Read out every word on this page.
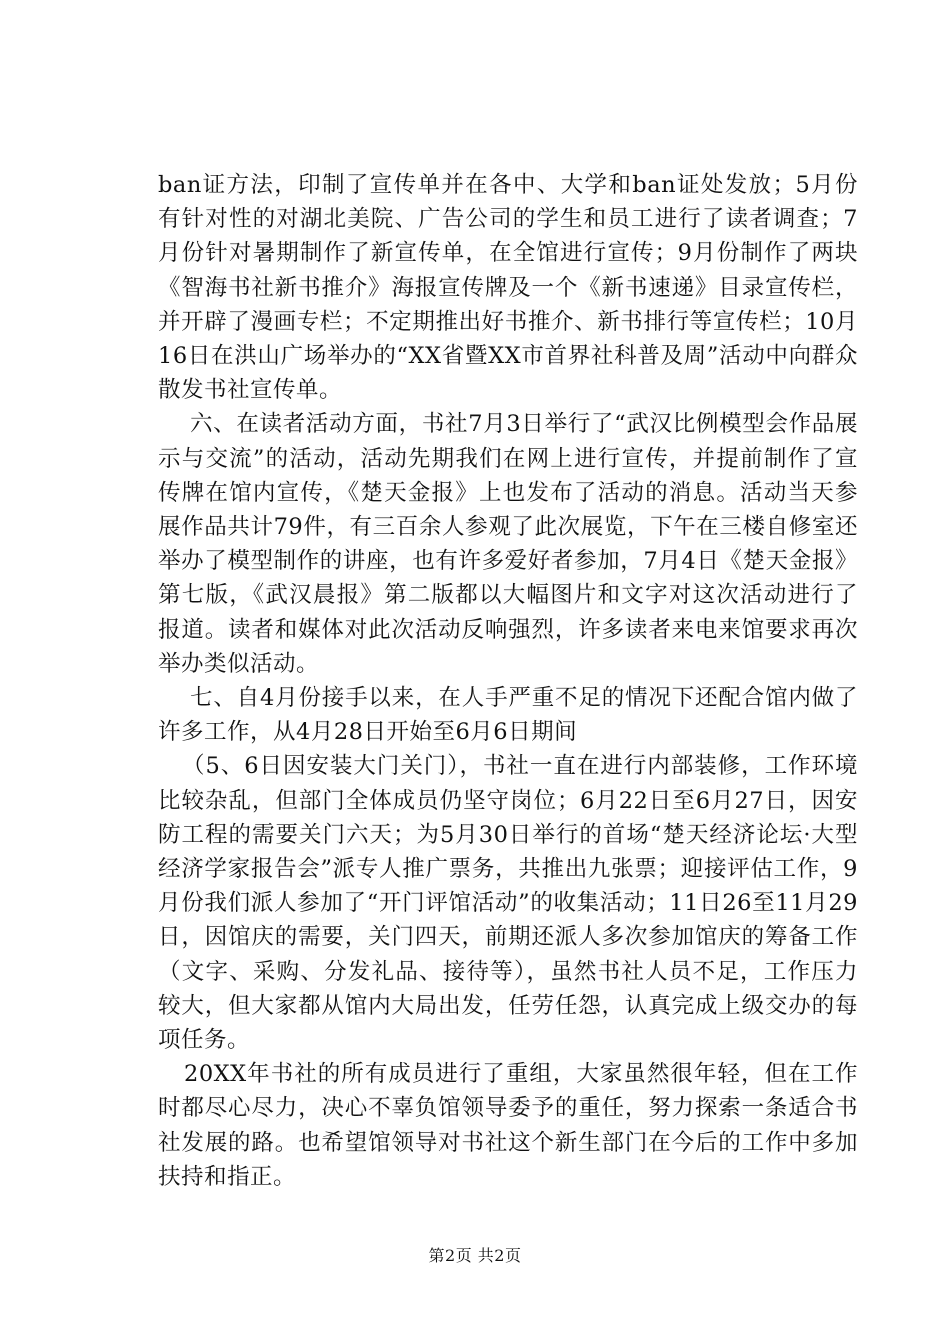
ban证方法，印制了宣传单并在各中、大学和ban证处发放；5月份有针对性的对湖北美院、广告公司的学生和员工进行了读者调查；7月份针对暑期制作了新宣传单，在全馆进行宣传；9月份制作了两块《智海书社新书推介》海报宣传牌及一个《新书速递》目录宣传栏，并开辟了漫画专栏；不定期推出好书推介、新书排行等宣传栏；10月16日在洪山广场举办的“XX省暨XX市首界社科普及周”活动中向群众散发书社宣传单。

六、在读者活动方面，书社7月3日举行了“武汉比例模型会作品展示与交流”的活动，活动先期我们在网上进行宣传，并提前制作了宣传牌在馆内宣传，《楚天金报》上也发布了活动的消息。活动当天参展作品共计79件，有三百余人参观了此次展览，下午在三楼自修室还举办了模型制作的讲座，也有许多爱好者参加，7月4日《楚天金报》第七版，《武汉晨报》第二版都以大幅图片和文字对这次活动进行了报道。读者和媒体对此次活动反响强烈，许多读者来电来馆要求再次举办类似活动。

七、自4月份接手以来，在人手严重不足的情况下还配合馆内做了许多工作，从4月28日开始至6月6日期间

（5、6日因安装大门关门），书社一直在进行内部装修，工作环境比较杂乱，但部门全体成员仍坚守岗位；6月22日至6月27日，因安防工程的需要关门六天；为5月30日举行的首场“楚天经济论坛·大型经济学家报告会”派专人推广票务，共推出九张票；迎接评估工作，9月份我们派人参加了“开门评馆活动”的收集活动；11日26至11月29日，因馆庆的需要，关门四天，前期还派人多次参加馆庆的筹备工作（文字、采购、分发礼品、接待等），虽然书社人员不足，工作压力较大，但大家都从馆内大局出发，任劳任怨，认真完成上级交办的每项任务。

20XX年书社的所有成员进行了重组，大家虽然很年轻，但在工作时都尽心尽力，决心不辜负馆领导委予的重任，努力探索一条适合书社发展的路。也希望馆领导对书社这个新生部门在今后的工作中多加扶持和指正。

第2页 共2页
